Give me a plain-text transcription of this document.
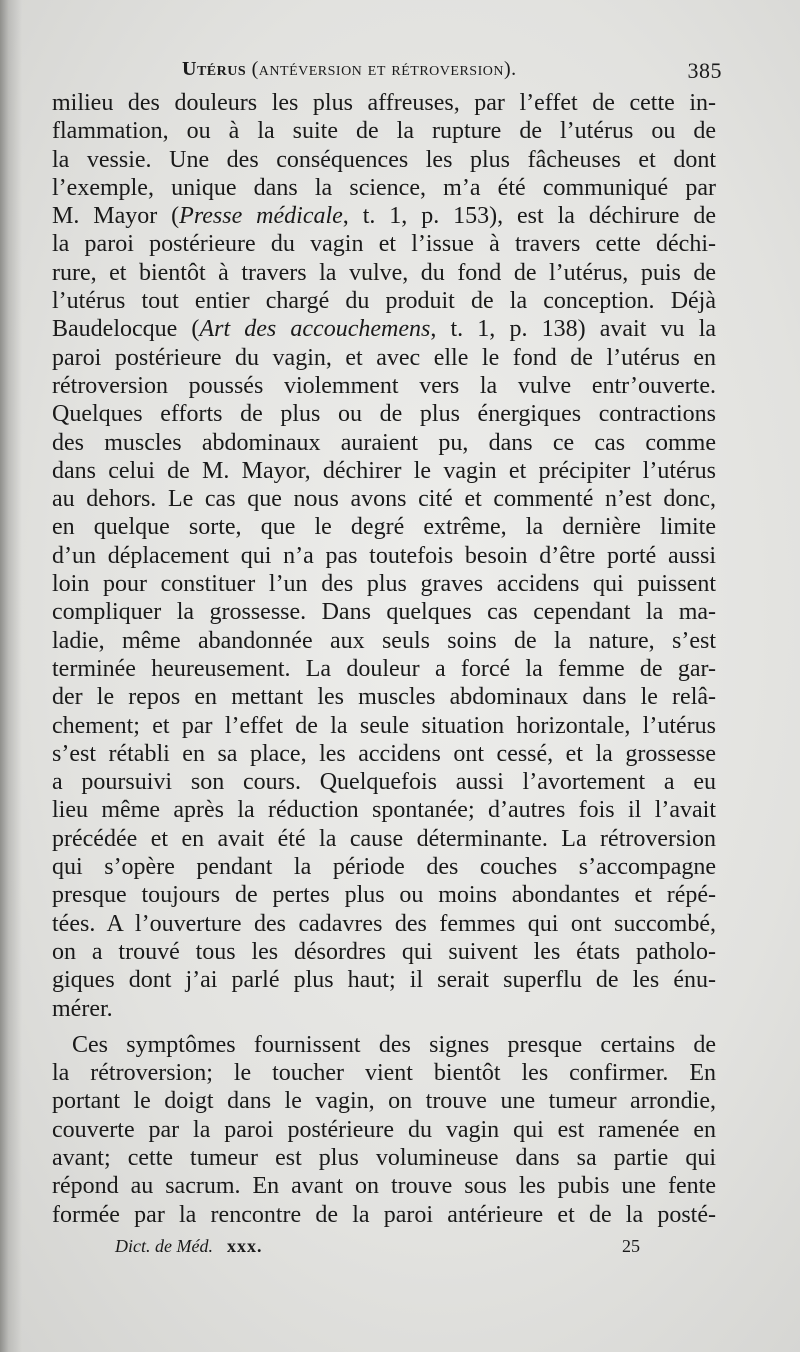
Utérus (antéversion et rétroversion).	385
milieu des douleurs les plus affreuses, par l’effet de cette in-
flammation, ou à la suite de la rupture de l’utérus ou de
la vessie. Une des conséquences les plus fâcheuses et dont
l’exemple, unique dans la science, m’a été communiqué par
M. Mayor (Presse médicale, t. 1, p. 153), est la déchirure de
la paroi postérieure du vagin et l’issue à travers cette déchi-
rure, et bientôt à travers la vulve, du fond de l’utérus, puis de
l’utérus tout entier chargé du produit de la conception. Déjà
Baudelocque (Art des accouchemens, t. 1, p. 138) avait vu la
paroi postérieure du vagin, et avec elle le fond de l’utérus en
rétroversion poussés violemment vers la vulve entr’ouverte.
Quelques efforts de plus ou de plus énergiques contractions
des muscles abdominaux auraient pu, dans ce cas comme
dans celui de M. Mayor, déchirer le vagin et précipiter l’utérus
au dehors. Le cas que nous avons cité et commenté n’est donc,
en quelque sorte, que le degré extrême, la dernière limite
d’un déplacement qui n’a pas toutefois besoin d’être porté aussi
loin pour constituer l’un des plus graves accidens qui puissent
compliquer la grossesse. Dans quelques cas cependant la ma-
ladie, même abandonnée aux seuls soins de la nature, s’est
terminée heureusement. La douleur a forcé la femme de gar-
der le repos en mettant les muscles abdominaux dans le relâ-
chement; et par l’effet de la seule situation horizontale, l’utérus
s’est rétabli en sa place, les accidens ont cessé, et la grossesse
a poursuivi son cours. Quelquefois aussi l’avortement a eu
lieu même après la réduction spontanée; d’autres fois il l’avait
précédée et en avait été la cause déterminante. La rétroversion
qui s’opère pendant la période des couches s’accompagne
presque toujours de pertes plus ou moins abondantes et répé-
tées. A l’ouverture des cadavres des femmes qui ont succombé,
on a trouvé tous les désordres qui suivent les états patholo-
giques dont j’ai parlé plus haut; il serait superflu de les énu-
mérer.
Ces symptômes fournissent des signes presque certains de
la rétroversion; le toucher vient bientôt les confirmer. En
portant le doigt dans le vagin, on trouve une tumeur arrondie,
couverte par la paroi postérieure du vagin qui est ramenée en
avant; cette tumeur est plus volumineuse dans sa partie qui
répond au sacrum. En avant on trouve sous les pubis une fente
formée par la rencontre de la paroi antérieure et de la posté-
Dict. de Méd. xxx.	25
